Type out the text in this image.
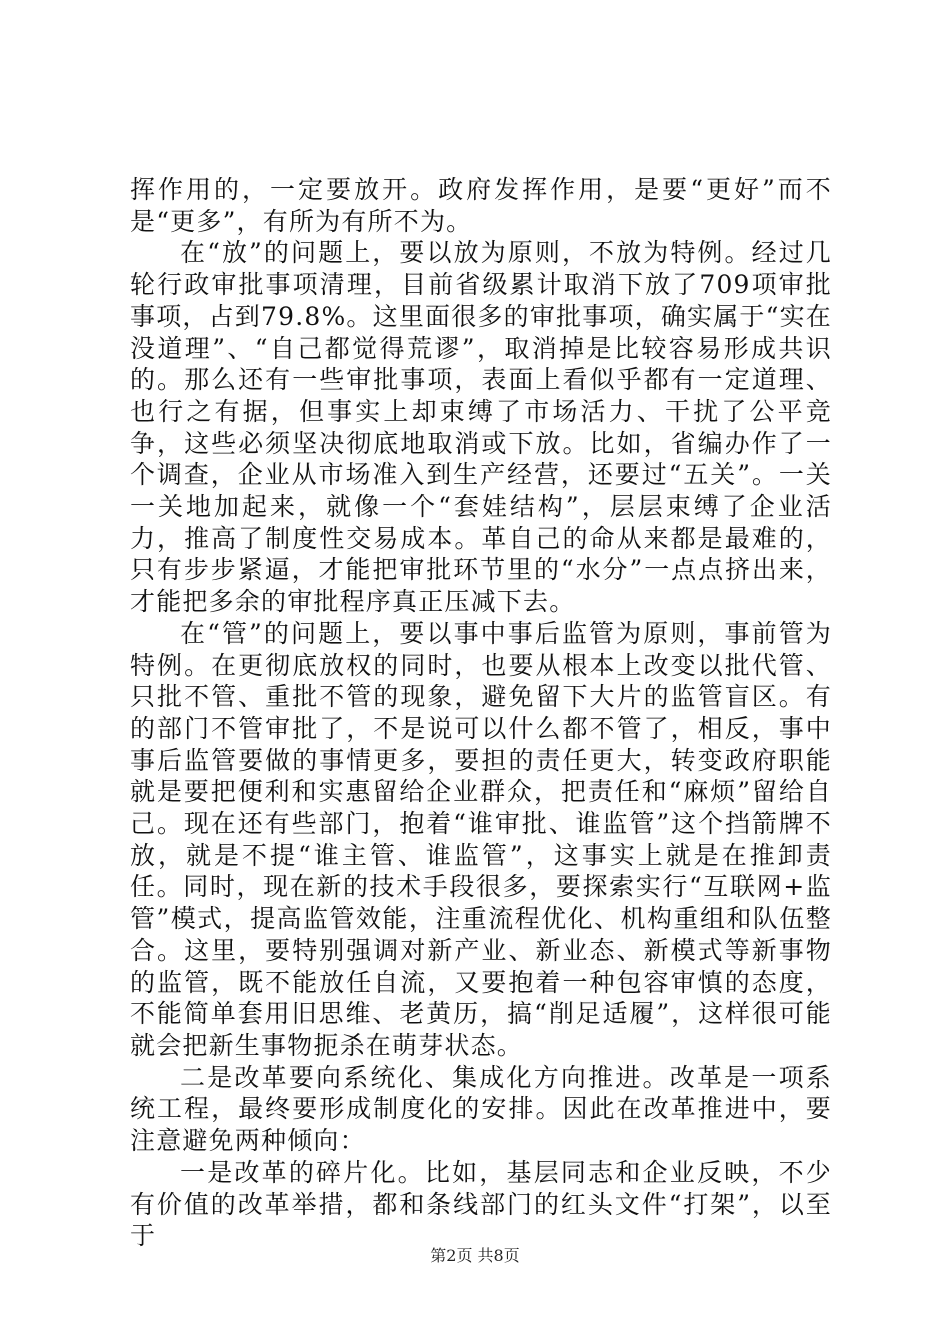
挥作用的，一定要放开。政府发挥作用，是要“更好”而不是“更多”，有所为有所不为。

在“放”的问题上，要以放为原则，不放为特例。经过几轮行政审批事项清理，目前省级累计取消下放了709项审批事项，占到79.8%。这里面很多的审批事项，确实属于“实在没道理”、“自己都觉得荒谬”，取消掉是比较容易形成共识的。那么还有一些审批事项，表面上看似乎都有一定道理、也行之有据，但事实上却束缚了市场活力、干扰了公平竞争，这些必须坚决彻底地取消或下放。比如，省编办作了一个调查，企业从市场准入到生产经营，还要过“五关”。一关一关地加起来，就像一个“套娃结构”，层层束缚了企业活力，推高了制度性交易成本。革自己的命从来都是最难的，只有步步紧逼，才能把审批环节里的“水分”一点点挤出来，才能把多余的审批程序真正压减下去。

在“管”的问题上，要以事中事后监管为原则，事前管为特例。在更彻底放权的同时，也要从根本上改变以批代管、只批不管、重批不管的现象，避免留下大片的监管盲区。有的部门不管审批了，不是说可以什么都不管了，相反，事中事后监管要做的事情更多，要担的责任更大，转变政府职能就是要把便利和实惠留给企业群众，把责任和“麻烦”留给自己。现在还有些部门，抱着“谁审批、谁监管”这个挡箭牌不放，就是不提“谁主管、谁监管”，这事实上就是在推卸责任。同时，现在新的技术手段很多，要探索实行“互联网+监管”模式，提高监管效能，注重流程优化、机构重组和队伍整合。这里，要特别强调对新产业、新业态、新模式等新事物的监管，既不能放任自流，又要抱着一种包容审慎的态度，不能简单套用旧思维、老黄历，搞“削足适履”，这样很可能就会把新生事物扼杀在萌芽状态。

二是改革要向系统化、集成化方向推进。改革是一项系统工程，最终要形成制度化的安排。因此在改革推进中，要注意避免两种倾向：

一是改革的碎片化。比如，基层同志和企业反映，不少有价值的改革举措，都和条线部门的红头文件“打架”，以至于

第2页 共8页
